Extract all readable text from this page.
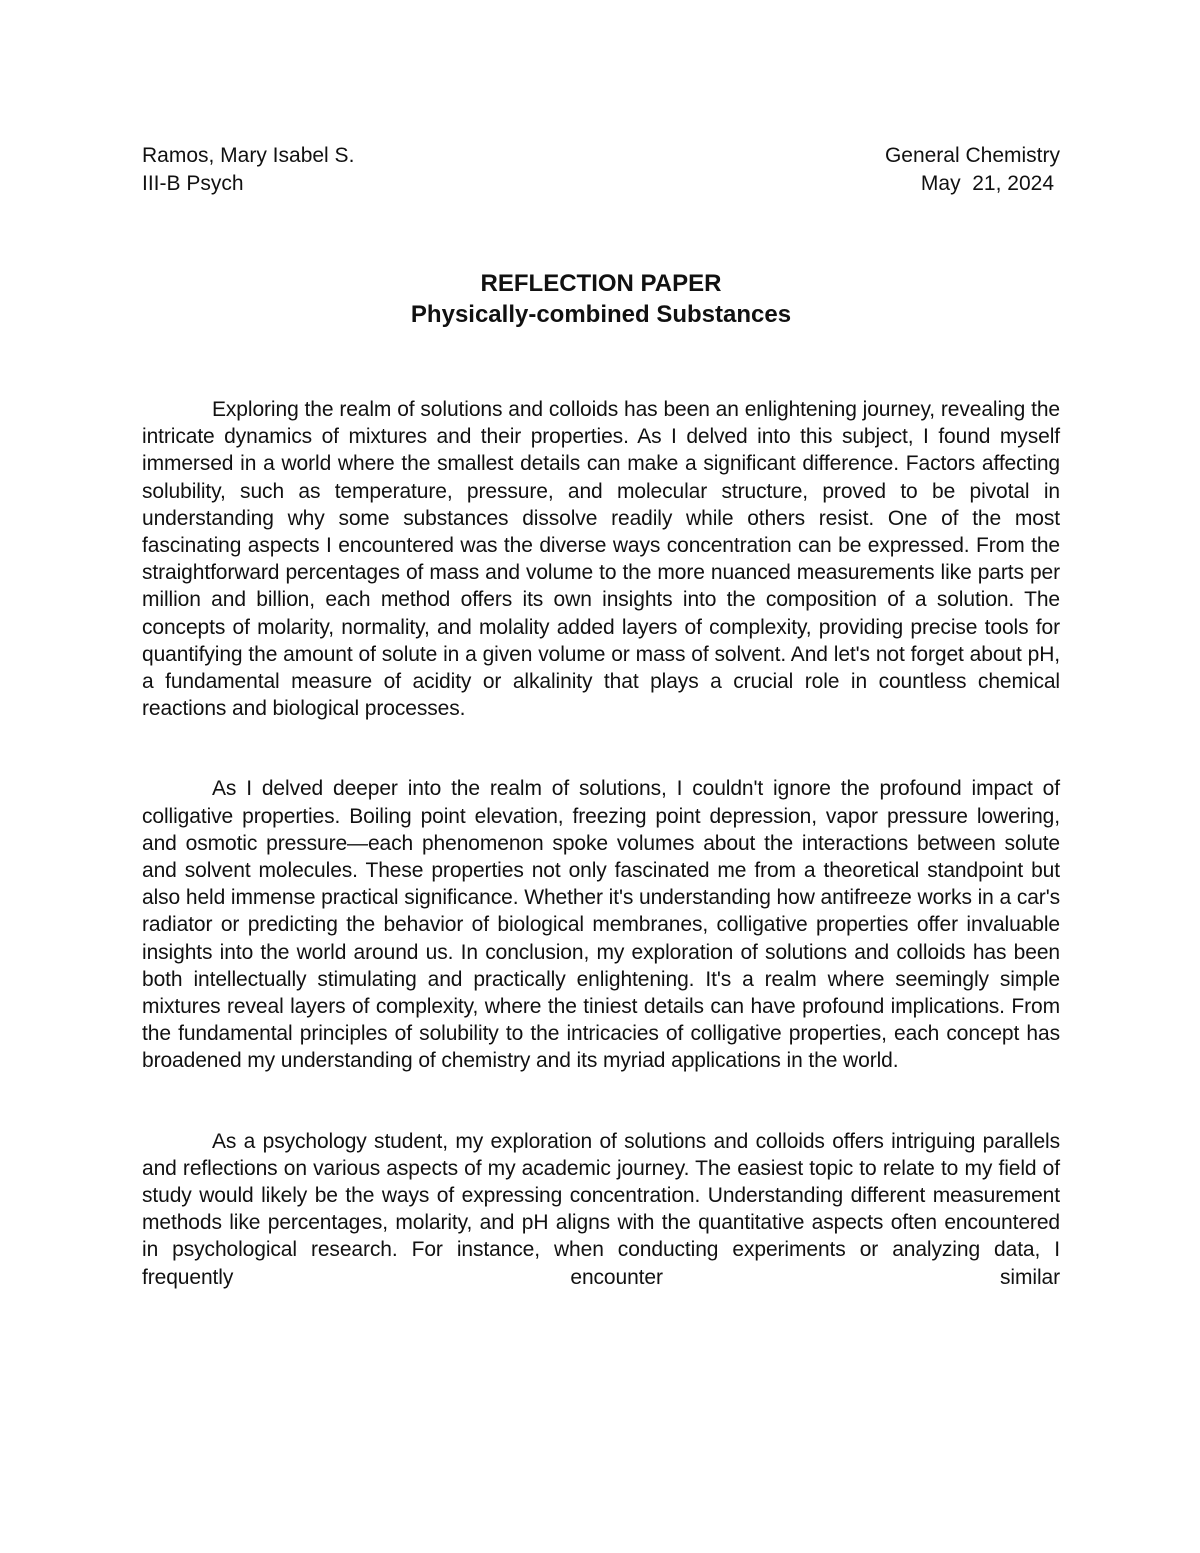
Ramos, Mary Isabel S.	General Chemistry
III-B Psych	May  21, 2024
REFLECTION PAPER
Physically-combined Substances

Exploring the realm of solutions and colloids has been an enlightening journey, revealing the intricate dynamics of mixtures and their properties. As I delved into this subject, I found myself immersed in a world where the smallest details can make a significant difference. Factors affecting solubility, such as temperature, pressure, and molecular structure, proved to be pivotal in understanding why some substances dissolve readily while others resist. One of the most fascinating aspects I encountered was the diverse ways concentration can be expressed. From the straightforward percentages of mass and volume to the more nuanced measurements like parts per million and billion, each method offers its own insights into the composition of a solution. The concepts of molarity, normality, and molality added layers of complexity, providing precise tools for quantifying the amount of solute in a given volume or mass of solvent. And let's not forget about pH, a fundamental measure of acidity or alkalinity that plays a crucial role in countless chemical reactions and biological processes.

As I delved deeper into the realm of solutions, I couldn't ignore the profound impact of colligative properties. Boiling point elevation, freezing point depression, vapor pressure lowering, and osmotic pressure—each phenomenon spoke volumes about the interactions between solute and solvent molecules. These properties not only fascinated me from a theoretical standpoint but also held immense practical significance. Whether it's understanding how antifreeze works in a car's radiator or predicting the behavior of biological membranes, colligative properties offer invaluable insights into the world around us. In conclusion, my exploration of solutions and colloids has been both intellectually stimulating and practically enlightening. It's a realm where seemingly simple mixtures reveal layers of complexity, where the tiniest details can have profound implications. From the fundamental principles of solubility to the intricacies of colligative properties, each concept has broadened my understanding of chemistry and its myriad applications in the world.

As a psychology student, my exploration of solutions and colloids offers intriguing parallels and reflections on various aspects of my academic journey. The easiest topic to relate to my field of study would likely be the ways of expressing concentration. Understanding different measurement methods like percentages, molarity, and pH aligns with the quantitative aspects often encountered in psychological research. For instance, when conducting experiments or analyzing data, I frequently encounter similar
